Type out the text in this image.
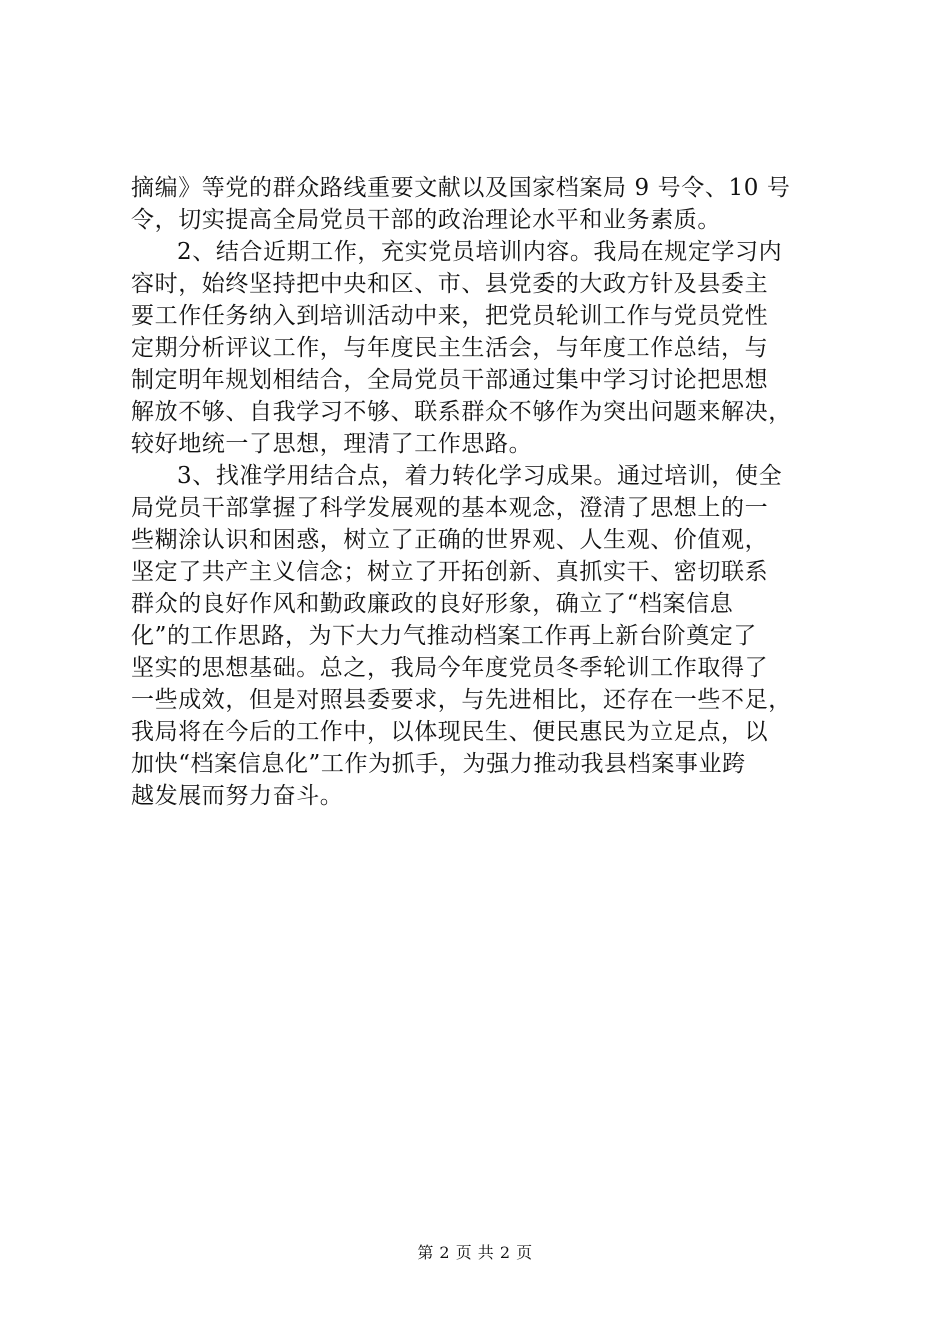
摘编》等党的群众路线重要文献以及国家档案局 9 号令、10 号
令，切实提高全局党员干部的政治理论水平和业务素质。
2、结合近期工作，充实党员培训内容。我局在规定学习内
容时，始终坚持把中央和区、市、县党委的大政方针及县委主
要工作任务纳入到培训活动中来，把党员轮训工作与党员党性
定期分析评议工作，与年度民主生活会，与年度工作总结，与
制定明年规划相结合，全局党员干部通过集中学习讨论把思想
解放不够、自我学习不够、联系群众不够作为突出问题来解决，
较好地统一了思想，理清了工作思路。
3、找准学用结合点，着力转化学习成果。通过培训，使全
局党员干部掌握了科学发展观的基本观念，澄清了思想上的一
些糊涂认识和困惑，树立了正确的世界观、人生观、价值观，
坚定了共产主义信念；树立了开拓创新、真抓实干、密切联系
群众的良好作风和勤政廉政的良好形象，确立了“档案信息
化”的工作思路，为下大力气推动档案工作再上新台阶奠定了
坚实的思想基础。总之，我局今年度党员冬季轮训工作取得了
一些成效，但是对照县委要求，与先进相比，还存在一些不足，
我局将在今后的工作中，以体现民生、便民惠民为立足点，以
加快“档案信息化”工作为抓手，为强力推动我县档案事业跨
越发展而努力奋斗。
第 2 页 共 2 页
